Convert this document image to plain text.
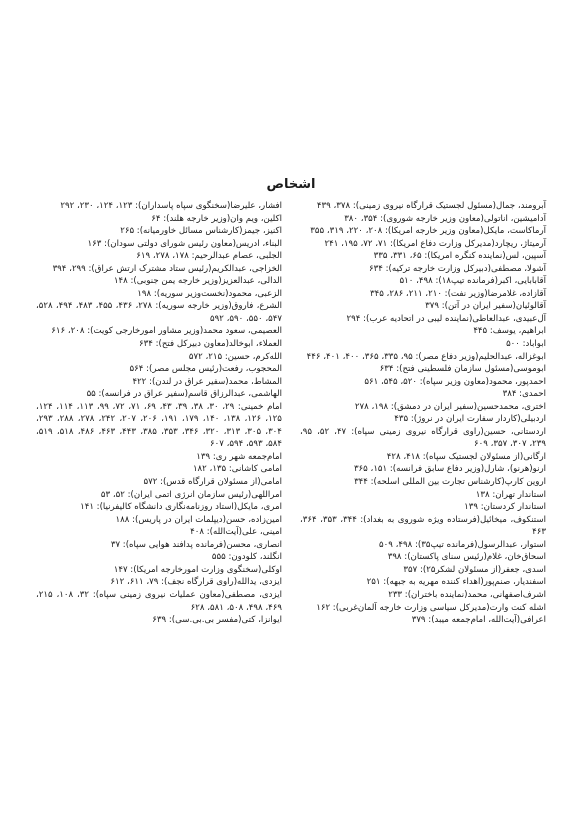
اشخاص

آبرومند، جمال(مسئول لجستیک قرارگاه نیروی زمینی): ۳۷۸، ۴۳۹

آدامیشین، اناتولی(معاون وزیر خارجه شوروی): ۳۵۴، ۳۸۰

آرماکاست، مایکل(معاون وزیر خارجه امریکا): ۲۰۸، ۲۲۰، ۳۱۹، ۳۵۵

آرمیتاژ، ریچارد(مدیرکل وزارت دفاع امریکا): ۷۱، ۷۲، ۱۹۵، ۲۴۱

آسپین، لس(نماینده کنگره امریکا): ۶۵، ۳۳۱، ۳۳۵

آشولا، مصطفی(دبیرکل وزارت خارجه ترکیه): ۶۳۴

آقابابایی، اکبر(فرمانده تیپ۱۸): ۴۹۸، ۵۱۰

آقازاده، غلامرضا(وزیر نفت): ۲۱۰، ۲۱۱، ۲۸۶، ۳۴۵

آقالوئیان(سفیر ایران در آتن): ۳۷۹

آل‌عبیدی، عبدالعاطی(نماینده لیبی در اتحادیه عرب): ۲۹۴

ابراهیم، یوسف: ۴۴۵

ابواباد: ۵۰۰

ابوغزاله، عبدالحلیم(وزیر دفاع مصر): ۹۵، ۳۳۵، ۳۶۵، ۴۰۰، ۴۰۱، ۴۴۶

ابوموسی(مسئول سازمان فلسطینی فتح): ۶۳۴

احمدپور، محمود(معاون وزیر سپاه): ۵۲۰، ۵۴۵، ۵۶۱

احمدی: ۳۸۴

اختری، محمدحسین(سفیر ایران در دمشق): ۱۹۸، ۲۷۸

اردبیلی(کاردار سفارت ایران در نروژ): ۴۳۵

اردستانی، حسین(راوی قرارگاه نیروی زمینی سپاه): ۴۷، ۵۲، ۹۵، ۲۳۹، ۳۰۷، ۳۵۷، ۶۰۹

ارگانی(از مسئولان لجستیک سپاه): ۴۱۸، ۴۲۸

ارنو(هرنو)، شارل(وزیر دفاع سابق فرانسه): ۱۵۱، ۳۶۵

اروین کارپ(کارشناس تجارت بین المللی اسلحه): ۳۴۴

استاندار تهران: ۱۳۸

استاندار کردستان: ۱۳۹

استنکوف، میخائیل(فرستاده ویژه شوروی به بغداد): ۳۴۴، ۳۵۳، ۳۶۴، ۴۶۳

استوار، عبدالرسول(فرمانده تیپ۳۵): ۴۹۸، ۵۰۹

اسحاق‌خان، غلام(رئیس سنای پاکستان): ۳۹۸

اسدی، جعفر(از مسئولان لشکر۲۵): ۳۵۷

اسفندیار، صنم‌پور(اهداء کننده مهریه به جبهه): ۲۵۱

اشرف‌اصفهانی، محمد(نماینده باختران): ۲۳۳

اشله کنت وارت(مدیرکل سیاسی وزارت خارجه آلمان‌غربی): ۱۶۲

اعرافی(آیت‌الله، امام‌جمعه میبد): ۳۷۹

افشار، علیرضا(سخنگوی سپاه پاسداران): ۱۲۳، ۱۲۴، ۲۳۰، ۲۹۲

اکلین، ویم وان(وزیر خارجه هلند): ۶۴

اکنیز، جیمز(کارشناس مسائل خاورمیانه): ۲۶۵

البناء، ادریس(معاون رئیس شورای دولتی سودان): ۱۶۳

الجلبی، عصام عبدالرحیم: ۱۷۸، ۲۷۸، ۶۱۹

الخزاجی، عبدالکریم(رئیس ستاد مشترک ارتش عراق): ۲۹۹، ۳۹۴

الدالی، عبدالعزیز(وزیر خارجه یمن جنوبی): ۱۴۸

الزعبی، محمود(نخست‌وزیر سوریه): ۱۹۸

الشرع، فاروق(وزیر خارجه سوریه): ۲۷۸، ۴۳۶، ۴۵۵، ۴۸۳، ۴۹۴، ۵۲۸، ۵۴۷، ۵۵۰، ۵۹۰، ۵۹۲

العصیمی، سعود محمد(وزیر مشاور امورخارجی کویت): ۲۰۸، ۶۱۶

العملاء، ابوخالد(معاون دبیرکل فتح): ۶۳۴

الله‌کرم، حسین: ۲۱۵، ۵۷۲

المحجوب، رفعت(رئیس مجلس مصر): ۵۶۴

المشاط، محمد(سفیر عراق در لندن): ۴۲۲

الهاشمی، عبدالرزاق قاسم(سفیر عراق در فرانسه): ۵۵

امام خمینی: ۲۹، ۳۰، ۳۸، ۳۹، ۴۳، ۶۹، ۷۱، ۷۲، ۹۹، ۱۱۳، ۱۱۴، ۱۲۴، ۱۲۵، ۱۲۶، ۱۳۸، ۱۴۰، ۱۷۹، ۱۹۱، ۲۰۶، ۲۰۷، ۲۴۲، ۲۷۸، ۲۸۸، ۲۹۳، ۳۰۴، ۳۰۵، ۳۱۳، ۳۲۰، ۳۴۶، ۳۵۳، ۳۸۵، ۴۴۳، ۴۶۳، ۴۸۶، ۵۱۸، ۵۱۹، ۵۸۴، ۵۹۳، ۵۹۴، ۶۰۷

امام‌جمعه شهر ری: ۱۳۹

امامی کاشانی: ۱۳۵، ۱۸۲

امامی(از مسئولان قرارگاه قدس): ۵۷۲

امراللهی(رئیس سازمان انرژی اتمی ایران): ۵۲، ۵۳

امری، مایکل(استاد روزنامه‌نگاری دانشگاه کالیفرنیا): ۱۴۱

امین‌زاده، حسن(دیپلمات ایران در پاریس): ۱۸۸

امینی، علی(آیت‌الله): ۴۰۸

انصاری، محسن(فرمانده پدافند هوایی سپاه): ۳۷

انگلند، کلودون: ۵۵۵

اوکلی(سخنگوی وزارت امورخارجه امریکا): ۱۴۷

ایزدی، یدالله(راوی قرارگاه نجف): ۷۹، ۶۱۱، ۶۱۲

ایزدی، مصطفی(معاون عملیات نیروی زمینی سپاه): ۳۲، ۱۰۸، ۲۱۵، ۴۶۹، ۴۹۸، ۵۰۸، ۵۸۱، ۶۲۸

ایوانزا، کتی(مفسر بی.بی.سی): ۶۳۹
